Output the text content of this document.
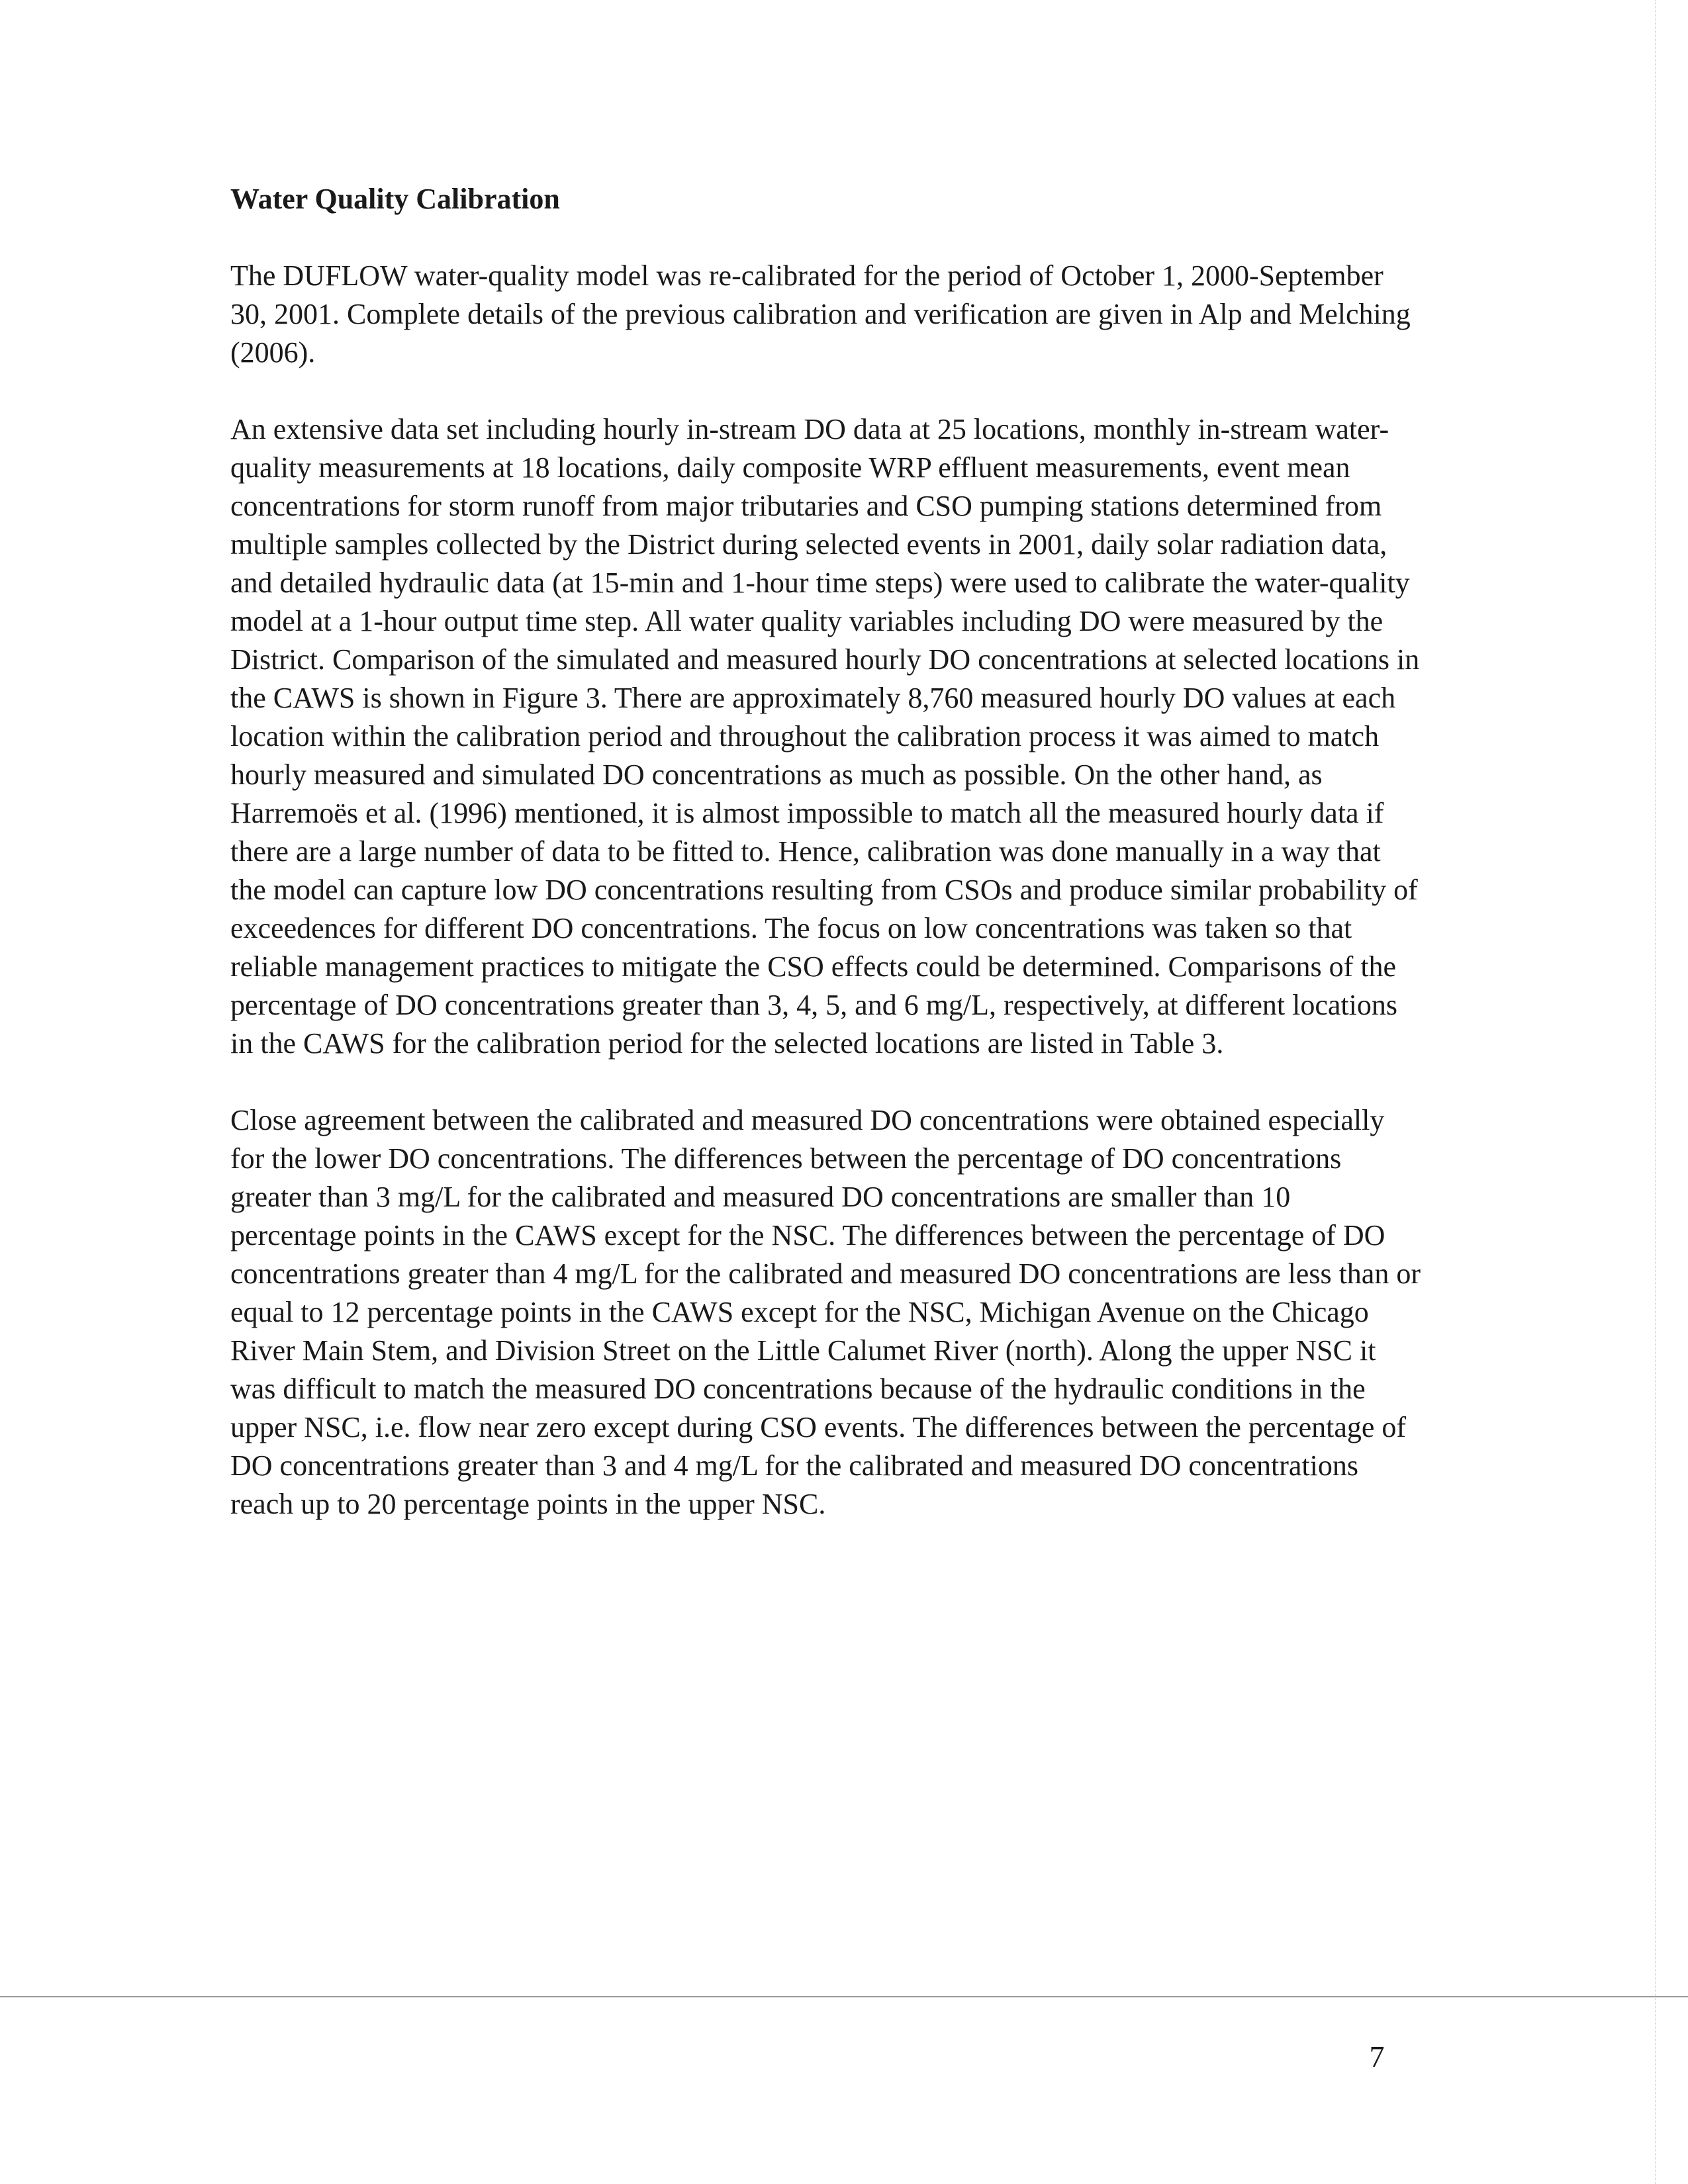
Water Quality Calibration

The DUFLOW water-quality model was re-calibrated for the period of October 1, 2000-September 30, 2001. Complete details of the previous calibration and verification are given in Alp and Melching (2006).

An extensive data set including hourly in-stream DO data at 25 locations, monthly in-stream water-quality measurements at 18 locations, daily composite WRP effluent measurements, event mean concentrations for storm runoff from major tributaries and CSO pumping stations determined from multiple samples collected by the District during selected events in 2001, daily solar radiation data, and detailed hydraulic data (at 15-min and 1-hour time steps) were used to calibrate the water-quality model at a 1-hour output time step. All water quality variables including DO were measured by the District. Comparison of the simulated and measured hourly DO concentrations at selected locations in the CAWS is shown in Figure 3. There are approximately 8,760 measured hourly DO values at each location within the calibration period and throughout the calibration process it was aimed to match hourly measured and simulated DO concentrations as much as possible. On the other hand, as Harremoës et al. (1996) mentioned, it is almost impossible to match all the measured hourly data if there are a large number of data to be fitted to. Hence, calibration was done manually in a way that the model can capture low DO concentrations resulting from CSOs and produce similar probability of exceedences for different DO concentrations. The focus on low concentrations was taken so that reliable management practices to mitigate the CSO effects could be determined. Comparisons of the percentage of DO concentrations greater than 3, 4, 5, and 6 mg/L, respectively, at different locations in the CAWS for the calibration period for the selected locations are listed in Table 3.

Close agreement between the calibrated and measured DO concentrations were obtained especially for the lower DO concentrations. The differences between the percentage of DO concentrations greater than 3 mg/L for the calibrated and measured DO concentrations are smaller than 10 percentage points in the CAWS except for the NSC. The differences between the percentage of DO concentrations greater than 4 mg/L for the calibrated and measured DO concentrations are less than or equal to 12 percentage points in the CAWS except for the NSC, Michigan Avenue on the Chicago River Main Stem, and Division Street on the Little Calumet River (north). Along the upper NSC it was difficult to match the measured DO concentrations because of the hydraulic conditions in the upper NSC, i.e. flow near zero except during CSO events. The differences between the percentage of DO concentrations greater than 3 and 4 mg/L for the calibrated and measured DO concentrations reach up to 20 percentage points in the upper NSC.

7
